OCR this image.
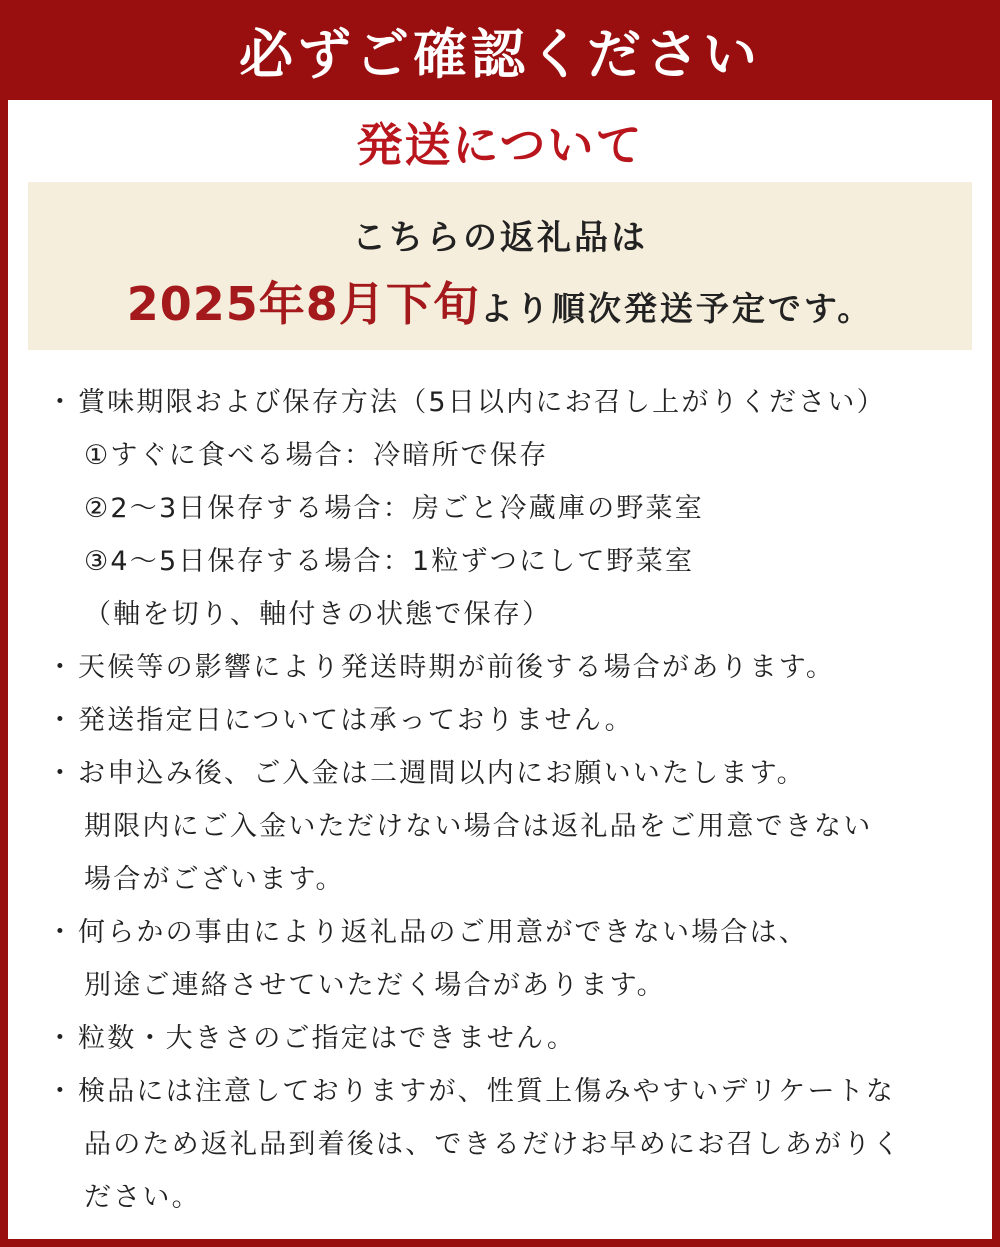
必ずご確認ください
発送について
こちらの返礼品は
2025年8月下旬より順次発送予定です。
・賞味期限および保存方法（5日以内にお召し上がりください）
①すぐに食べる場合：冷暗所で保存
②2～3日保存する場合：房ごと冷蔵庫の野菜室
③4～5日保存する場合：1粒ずつにして野菜室
（軸を切り、軸付きの状態で保存）
・天候等の影響により発送時期が前後する場合があります。
・発送指定日については承っておりません。
・お申込み後、ご入金は二週間以内にお願いいたします。
期限内にご入金いただけない場合は返礼品をご用意できない
場合がございます。
・何らかの事由により返礼品のご用意ができない場合は、
別途ご連絡させていただく場合があります。
・粒数・大きさのご指定はできません。
・検品には注意しておりますが、性質上傷みやすいデリケートな
品のため返礼品到着後は、できるだけお早めにお召しあがりく
ださい。
